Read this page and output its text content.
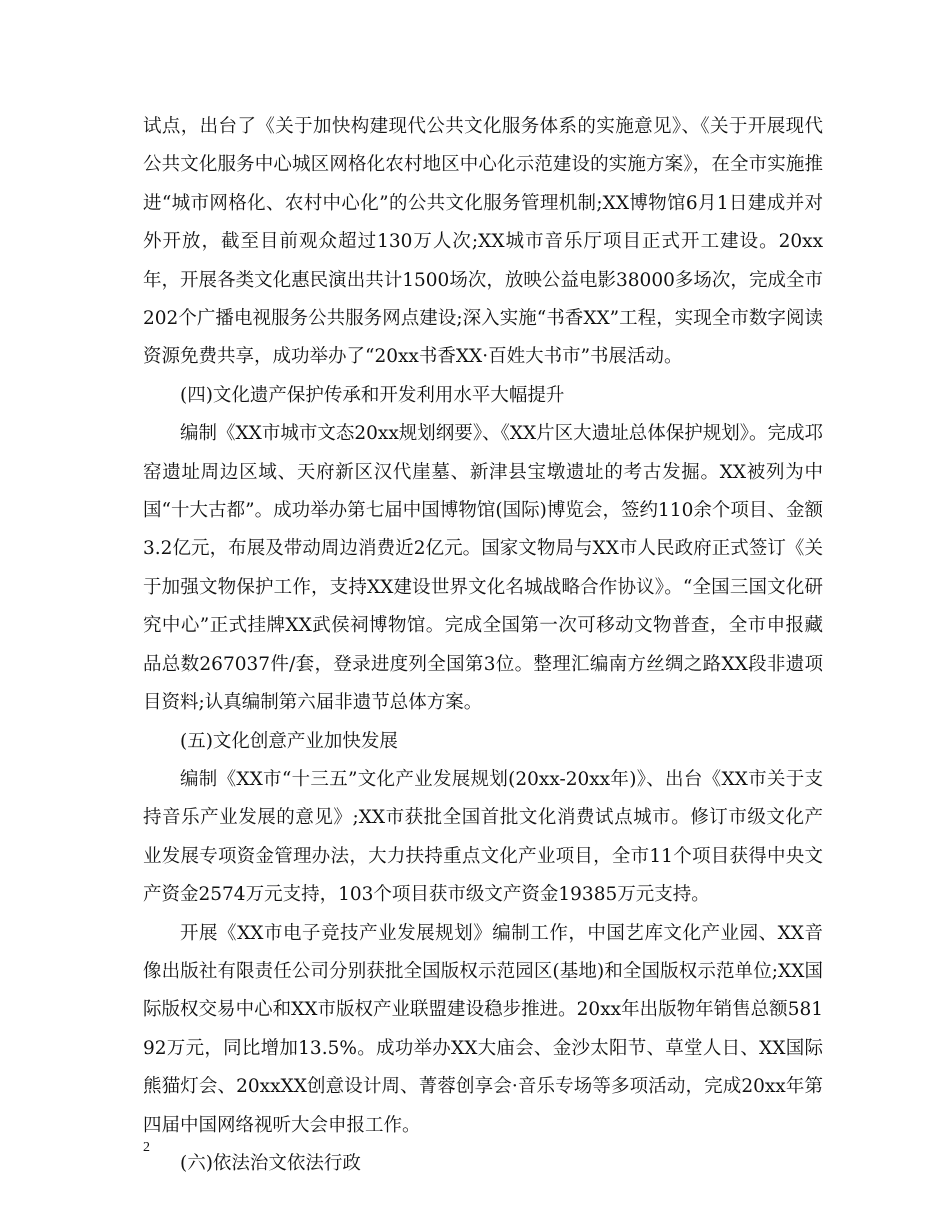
试点，出台了《关于加快构建现代公共文化服务体系的实施意见》、《关于开展现代公共文化服务中心城区网格化农村地区中心化示范建设的实施方案》，在全市实施推进“城市网格化、农村中心化”的公共文化服务管理机制;XX博物馆6月1日建成并对外开放，截至目前观众超过130万人次;XX城市音乐厅项目正式开工建设。20xx年，开展各类文化惠民演出共计1500场次，放映公益电影38000多场次，完成全市202个广播电视服务公共服务网点建设;深入实施“书香XX”工程，实现全市数字阅读资源免费共享，成功举办了“20xx书香XX·百姓大书市”书展活动。

(四)文化遗产保护传承和开发利用水平大幅提升

编制《XX市城市文态20xx规划纲要》、《XX片区大遗址总体保护规划》。完成邛窑遗址周边区域、天府新区汉代崖墓、新津县宝墩遗址的考古发掘。XX被列为中国“十大古都”。成功举办第七届中国博物馆(国际)博览会，签约110余个项目、金额3.2亿元，布展及带动周边消费近2亿元。国家文物局与XX市人民政府正式签订《关于加强文物保护工作，支持XX建设世界文化名城战略合作协议》。“全国三国文化研究中心”正式挂牌XX武侯祠博物馆。完成全国第一次可移动文物普查，全市申报藏品总数267037件/套，登录进度列全国第3位。整理汇编南方丝绸之路XX段非遗项目资料;认真编制第六届非遗节总体方案。

(五)文化创意产业加快发展

编制《XX市“十三五”文化产业发展规划(20xx-20xx年)》、出台《XX市关于支持音乐产业发展的意见》;XX市获批全国首批文化消费试点城市。修订市级文化产业发展专项资金管理办法，大力扶持重点文化产业项目，全市11个项目获得中央文产资金2574万元支持，103个项目获市级文产资金19385万元支持。

开展《XX市电子竞技产业发展规划》编制工作，中国艺库文化产业园、XX音像出版社有限责任公司分别获批全国版权示范园区(基地)和全国版权示范单位;XX国际版权交易中心和XX市版权产业联盟建设稳步推进。20xx年出版物年销售总额58192万元，同比增加13.5%。成功举办XX大庙会、金沙太阳节、草堂人日、XX国际熊猫灯会、20xxXX创意设计周、菁蓉创享会·音乐专场等多项活动，完成20xx年第四届中国网络视听大会申报工作。

(六)依法治文依法行政

2
